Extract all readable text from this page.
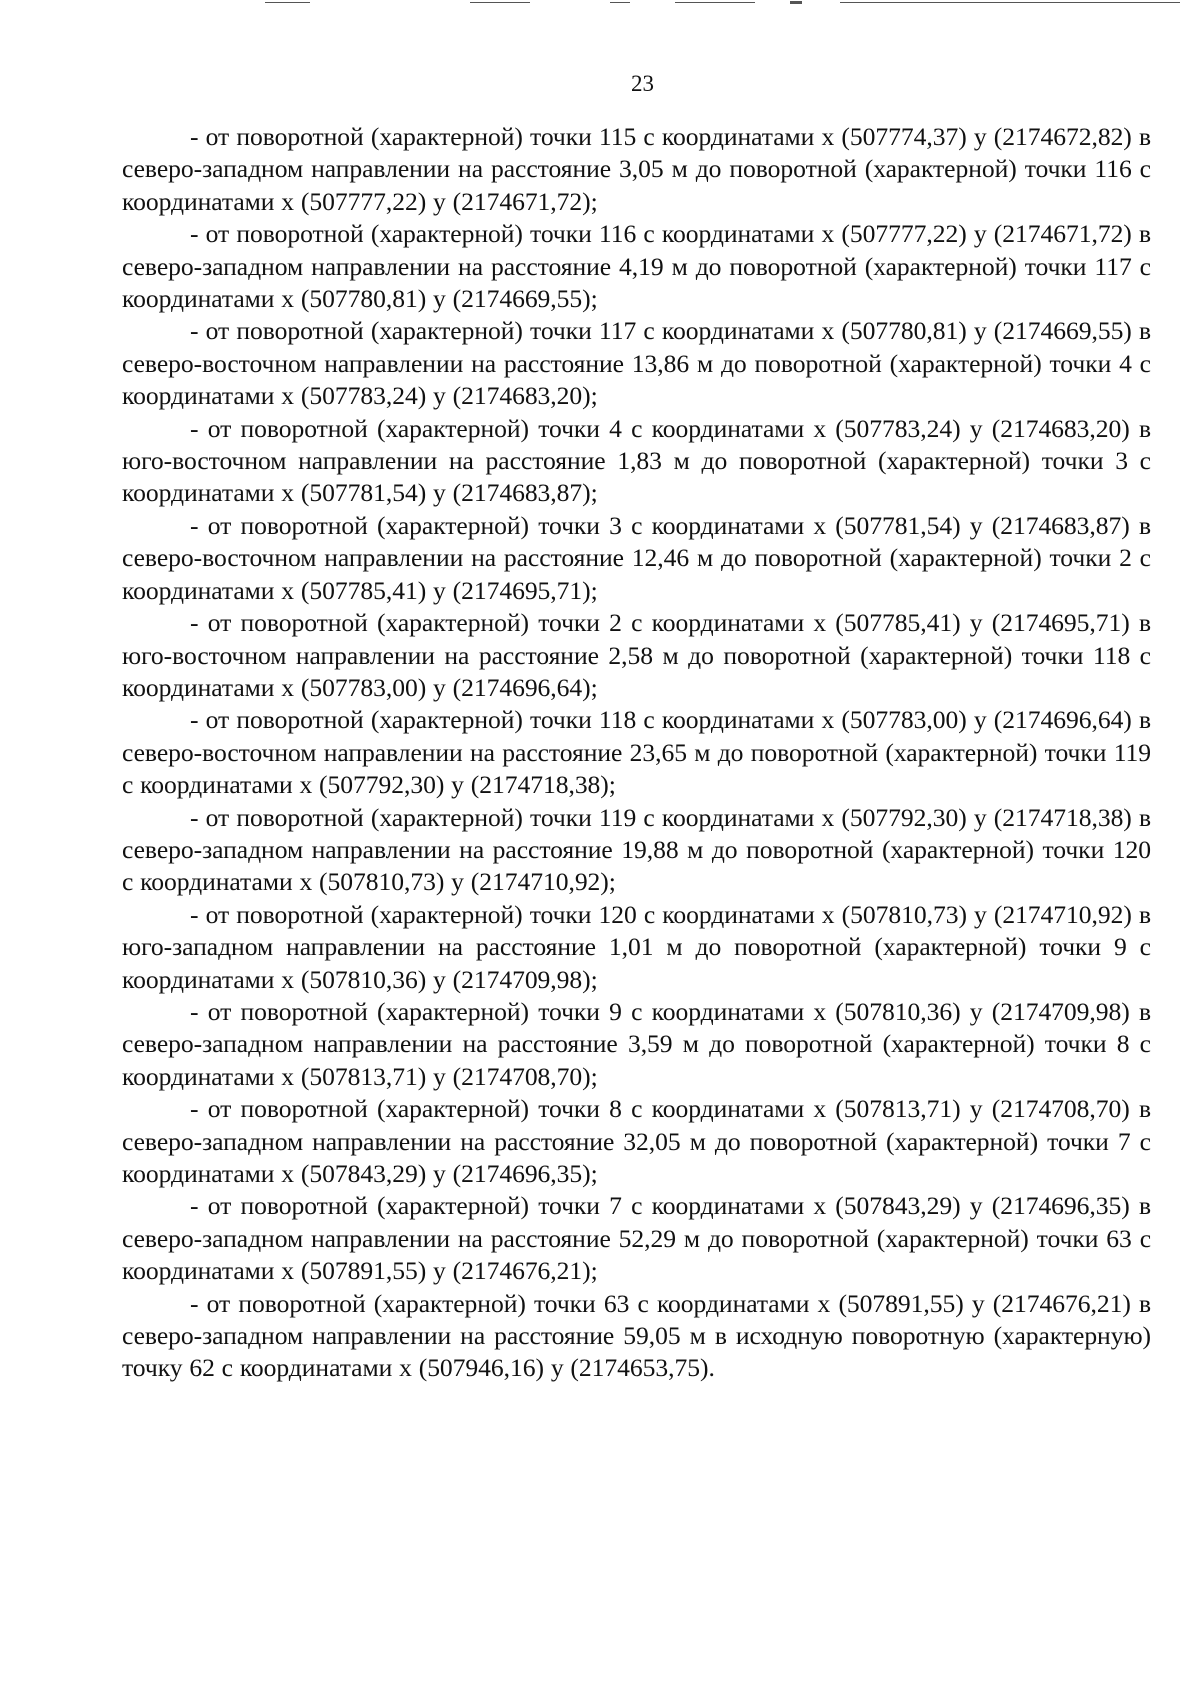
23

- от поворотной (характерной) точки 115 с координатами х (507774,37) у (2174672,82) в северо-западном направлении на расстояние 3,05 м до поворотной (характерной) точки 116 с координатами х (507777,22) у (2174671,72);

- от поворотной (характерной) точки 116 с координатами х (507777,22) у (2174671,72) в северо-западном направлении на расстояние 4,19 м до поворотной (характерной) точки 117 с координатами х (507780,81) у (2174669,55);

- от поворотной (характерной) точки 117 с координатами х (507780,81) у (2174669,55) в северо-восточном направлении на расстояние 13,86 м до поворотной (характерной) точки 4 с координатами х (507783,24) у (2174683,20);

- от поворотной (характерной) точки 4 с координатами х (507783,24) у (2174683,20) в юго-восточном направлении на расстояние 1,83 м до поворотной (характерной) точки 3 с координатами х (507781,54) у (2174683,87);

- от поворотной (характерной) точки 3 с координатами х (507781,54) у (2174683,87) в северо-восточном направлении на расстояние 12,46 м до поворотной (характерной) точки 2 с координатами х (507785,41) у (2174695,71);

- от поворотной (характерной) точки 2 с координатами х (507785,41) у (2174695,71) в юго-восточном направлении на расстояние 2,58 м до поворотной (характерной) точки 118 с координатами х (507783,00) у (2174696,64);

- от поворотной (характерной) точки 118 с координатами х (507783,00) у (2174696,64) в северо-восточном направлении на расстояние 23,65 м до поворотной (характерной) точки 119 с координатами х (507792,30) у (2174718,38);

- от поворотной (характерной) точки 119 с координатами х (507792,30) у (2174718,38) в северо-западном направлении на расстояние 19,88 м до поворотной (характерной) точки 120 с координатами х (507810,73) у (2174710,92);

- от поворотной (характерной) точки 120 с координатами х (507810,73) у (2174710,92) в юго-западном направлении на расстояние 1,01 м до поворотной (характерной) точки 9 с координатами х (507810,36) у (2174709,98);

- от поворотной (характерной) точки 9 с координатами х (507810,36) у (2174709,98) в северо-западном направлении на расстояние 3,59 м до поворотной (характерной) точки 8 с координатами х (507813,71) у (2174708,70);

- от поворотной (характерной) точки 8 с координатами х (507813,71) у (2174708,70) в северо-западном направлении на расстояние 32,05 м до поворотной (характерной) точки 7 с координатами х (507843,29) у (2174696,35);

- от поворотной (характерной) точки 7 с координатами х (507843,29) у (2174696,35) в северо-западном направлении на расстояние 52,29 м до поворотной (характерной) точки 63 с координатами х (507891,55) у (2174676,21);

- от поворотной (характерной) точки 63 с координатами х (507891,55) у (2174676,21) в северо-западном направлении на расстояние 59,05 м в исходную поворотную (характерную) точку 62 с координатами х (507946,16) у (2174653,75).
